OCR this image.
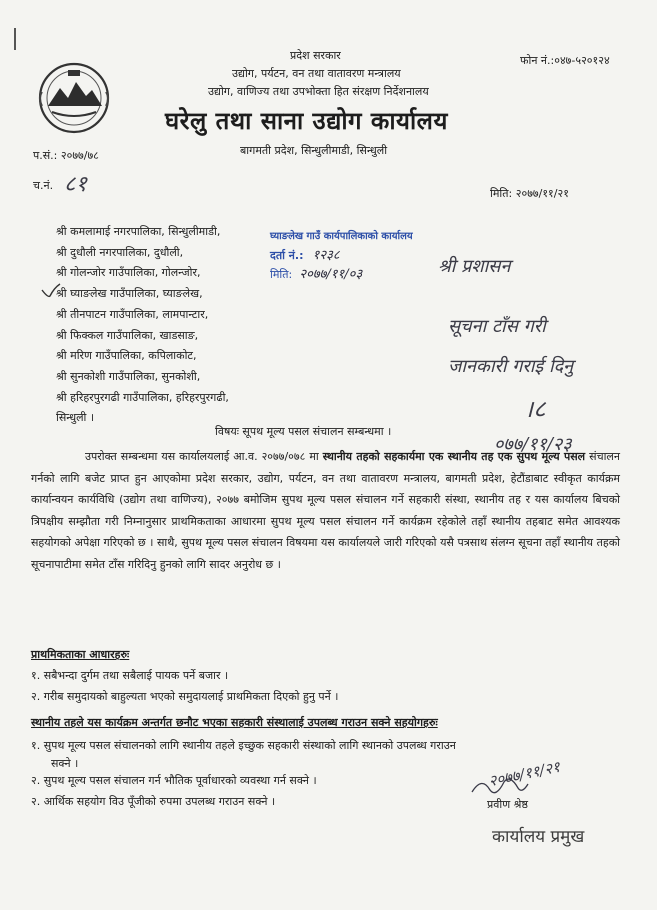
प्रदेश सरकार	फोन नं.:०४७-५२०१२४
उद्योग, पर्यटन, वन तथा वातावरण मन्त्रालय
उद्योग, वाणिज्य तथा उपभोक्ता हित संरक्षण निर्देशनालय
घरेलु तथा साना उद्योग कार्यालय
बागमती प्रदेश, सिन्धुलीमाडी, सिन्धुली
प.सं.: २०७७/७८
च.नं. ८१	मिति: २०७७/११/२१
श्री कमलामाई नगरपालिका, सिन्धुलीमाडी,
श्री दुधौली नगरपालिका, दुधौली,
श्री गोलन्जोर गाउँपालिका, गोलन्जोर,
श्री घ्याङलेख गाउँपालिका, घ्याङलेख,
श्री तीनपाटन गाउँपालिका, लामपान्टार,
श्री फिक्कल गाउँपालिका, खाडसाङ,
श्री मरिण गाउँपालिका, कपिलाकोट,
श्री सुनकोशी गाउँपालिका, सुनकोशी,
श्री हरिहरपुरगढी गाउँपालिका, हरिहरपुरगढी,
सिन्धुली ।
घ्याङलेख गाउँ कार्यपालिकाको कार्यालय
दर्ता नं.: १२३८
मिति: २०७७/११/०३	श्री प्रशासन
सूचना टाँस गरी
जानकारी गराई दिनु
।८
०७७/११/२३
विषयः सूपथ मूल्य पसल संचालन सम्बन्धमा ।
उपरोक्त सम्बन्धमा यस कार्यालयलाई आ.व. २०७७/०७८ मा स्थानीय तहको सहकार्यमा एक स्थानीय तह एक सुपथ मूल्य पसल संचालन गर्नको लागि बजेट प्राप्त हुन आएकोमा प्रदेश सरकार, उद्योग, पर्यटन, वन तथा वातावरण मन्त्रालय, बागमती प्रदेश, हेटौंडाबाट स्वीकृत कार्यक्रम कार्यान्वयन कार्यविधि (उद्योग तथा वाणिज्य), २०७७ बमोजिम सुपथ मूल्य पसल संचालन गर्ने सहकारी संस्था, स्थानीय तह र यस कार्यालय बिचको त्रिपक्षीय सम्झौता गरी निम्नानुसार प्राथमिकताका आधारमा सुपथ मूल्य पसल संचालन गर्ने कार्यक्रम रहेकोले तहाँ स्थानीय तहबाट समेत आवश्यक सहयोगको अपेक्षा गरिएको छ । साथै, सुपथ मूल्य पसल संचालन विषयमा यस कार्यालयले जारी गरिएको यसै पत्रसाथ संलग्न सूचना तहाँ स्थानीय तहको सूचनापाटीमा समेत टाँस गरिदिनु हुनको लागि सादर अनुरोध छ ।
प्राथमिकताका आधारहरुः
१. सबैभन्दा दुर्गम तथा सबैलाई पायक पर्ने बजार ।
२. गरीब समुदायको बाहुल्यता भएको समुदायलाई प्राथमिकता दिएको हुनु पर्ने ।
स्थानीय तहले यस कार्यक्रम अन्तर्गत छनौट भएका सहकारी संस्थालाई उपलब्ध गराउन सक्ने सहयोगहरुः
१. सुपथ मूल्य पसल संचालनको लागि स्थानीय तहले इच्छुक सहकारी संस्थाको लागि स्थानको उपलब्ध गराउन
सक्ने ।
२. सुपथ मूल्य पसल संचालन गर्न भौतिक पूर्वाधारको व्यवस्था गर्न सक्ने ।
२. आर्थिक सहयोग विउ पूँजीको रुपमा उपलब्ध गराउन सक्ने ।
२०७७/११/२१
प्रवीण श्रेष्ठ
कार्यालय प्रमुख
